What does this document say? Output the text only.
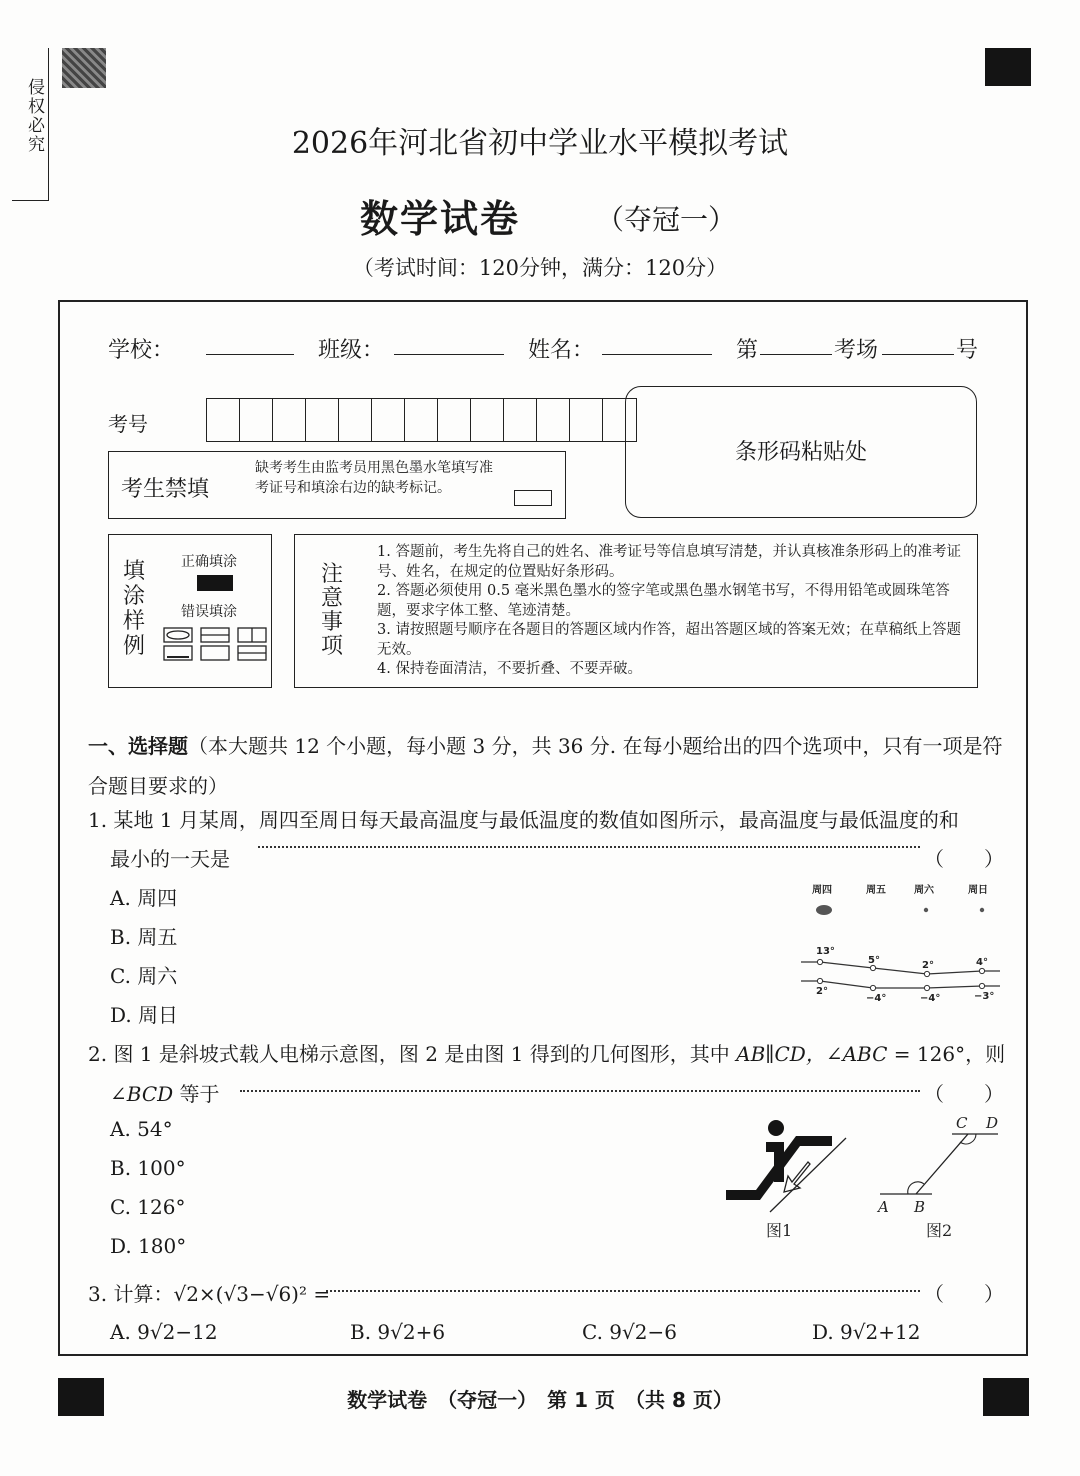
侵权必究	2026年河北省初中学业水平模拟考试
数学试卷	（夺冠一）
（考试时间：120分钟，满分：120分）
学校：	班级：	姓名：	第	考场	号
考号
条形码粘贴处
考生禁填
缺考考生由监考员用黑色墨水笔填写准考证号和填涂右边的缺考标记。
填涂样例
正确填涂
错误填涂
注意事项
1. 答题前，考生先将自己的姓名、准考证号等信息填写清楚，并认真核准条形码上的准考证号、姓名，在规定的位置贴好条形码。
2. 答题必须使用 0.5 毫米黑色墨水的签字笔或黑色墨水钢笔书写，不得用铅笔或圆珠笔答题，要求字体工整、笔迹清楚。
3. 请按照题号顺序在各题目的答题区域内作答，超出答题区域的答案无效；在草稿纸上答题无效。
4. 保持卷面清洁，不要折叠、不要弄破。
一、选择题（本大题共 12 个小题，每小题 3 分，共 36 分. 在每小题给出的四个选项中，只有一项是符合题目要求的）
1. 某地 1 月某周，周四至周日每天最高温度与最低温度的数值如图所示，最高温度与最低温度的和
最小的一天是	（　　）
A. 周四
B. 周五
C. 周六
D. 周日
周四	周五	周六	周日
13°
5°	2°	4°
2°
−4°	−4°	−3°
2. 图 1 是斜坡式载人电梯示意图，图 2 是由图 1 得到的几何图形，其中 AB∥CD，∠ABC = 126°，则
∠BCD 等于	（　　）
A. 54°
B. 100°
C. 126°
D. 180°
图1
A B
C D
图2
3. 计算：√2×(√3−√6)² =	（　　）
A. 9√2−12	B. 9√2+6	C. 9√2−6	D. 9√2+12
数学试卷　（夺冠一）　第 1 页　（共 8 页）
